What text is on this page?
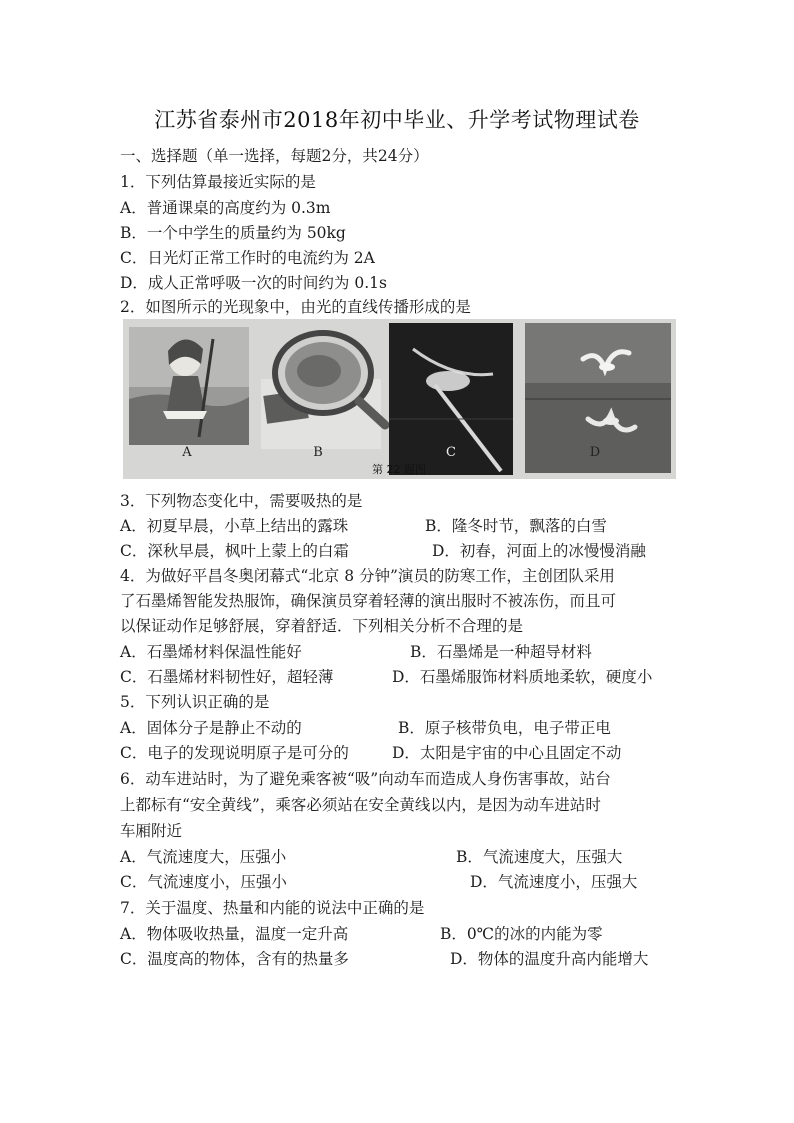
江苏省泰州市2018年初中毕业、升学考试物理试卷
一、选择题（单一选择，每题2分，共24分）
1．下列估算最接近实际的是
A．普通课桌的高度约为 0.3m
B．一个中学生的质量约为 50kg
C．日光灯正常工作时的电流约为 2A
D．成人正常呼吸一次的时间约为 0.1s
2．如图所示的光现象中，由光的直线传播形成的是
A	B	C	D
第 22 题图
3．下列物态变化中，需要吸热的是
A．初夏早晨，小草上结出的露珠	B．隆冬时节，飘落的白雪
C．深秋早晨，枫叶上蒙上的白霜	D．初春，河面上的冰慢慢消融
4．为做好平昌冬奥闭幕式“北京 8 分钟”演员的防寒工作，主创团队采用
了石墨烯智能发热服饰，确保演员穿着轻薄的演出服时不被冻伤，而且可
以保证动作足够舒展，穿着舒适．下列相关分析不合理的是
A．石墨烯材料保温性能好	B．石墨烯是一种超导材料
C．石墨烯材料韧性好，超轻薄	D．石墨烯服饰材料质地柔软，硬度小
5．下列认识正确的是
A．固体分子是静止不动的	B．原子核带负电，电子带正电
C．电子的发现说明原子是可分的	D．太阳是宇宙的中心且固定不动
6．动车进站时，为了避免乘客被“吸”向动车而造成人身伤害事故，站台
上都标有“安全黄线”，乘客必须站在安全黄线以内，是因为动车进站时
车厢附近
A．气流速度大，压强小	B．气流速度大，压强大
C．气流速度小，压强小	D．气流速度小，压强大
7．关于温度、热量和内能的说法中正确的是
A．物体吸收热量，温度一定升高	B．0℃的冰的内能为零
C．温度高的物体，含有的热量多	D．物体的温度升高内能增大
